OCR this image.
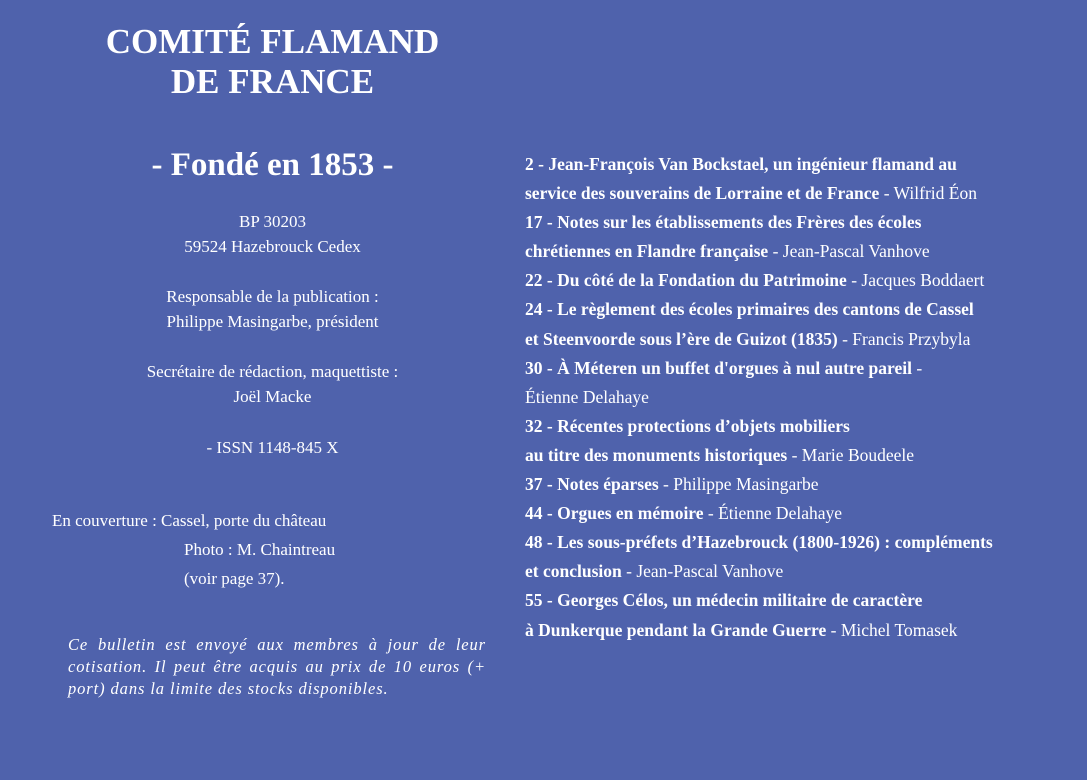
COMITÉ FLAMAND
DE FRANCE
- Fondé en 1853 -
BP 30203
59524 Hazebrouck Cedex
Responsable de la publication :
Philippe Masingarbe, président
Secrétaire de rédaction, maquettiste :
Joël Macke
- ISSN 1148-845 X
En couverture : Cassel, porte du château
Photo : M. Chaintreau
(voir page 37).
Ce bulletin est envoyé aux membres à jour de leur cotisation. Il peut être acquis au prix de 10 euros (+ port) dans la limite des stocks disponibles.
2 - Jean-François Van Bockstael, un ingénieur flamand au
service des souverains de Lorraine et de France - Wilfrid Éon
17 - Notes sur les établissements des Frères des écoles
chrétiennes en Flandre française - Jean-Pascal Vanhove
22 - Du côté de la Fondation du Patrimoine - Jacques Boddaert
24 - Le règlement des écoles primaires des cantons de Cassel
et Steenvoorde sous l’ère de Guizot (1835) - Francis Przybyla
30 - À Méteren un buffet d'orgues à nul autre pareil -
Étienne Delahaye
32 - Récentes protections d’objets mobiliers
au titre des monuments historiques - Marie Boudeele
37 - Notes éparses - Philippe Masingarbe
44 - Orgues en mémoire - Étienne Delahaye
48 - Les sous-préfets d’Hazebrouck (1800-1926) : compléments
et conclusion - Jean-Pascal Vanhove
55 - Georges Célos, un médecin militaire de caractère
à Dunkerque pendant la Grande Guerre - Michel Tomasek
